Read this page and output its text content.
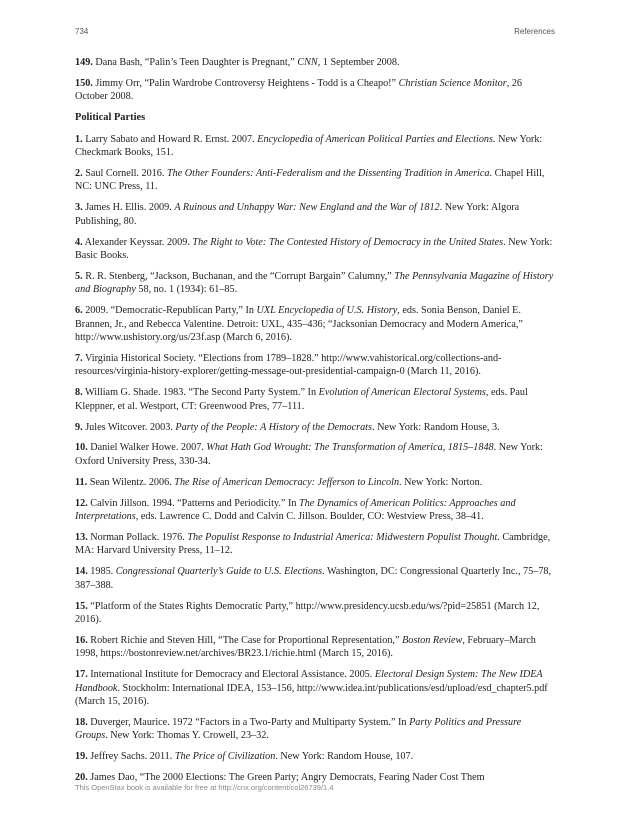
734	References

149. Dana Bash, “Palin’s Teen Daughter is Pregnant,” CNN, 1 September 2008.

150. Jimmy Orr, “Palin Wardrobe Controversy Heightens - Todd is a Cheapo!” Christian Science Monitor, 26 October 2008.

Political Parties

1. Larry Sabato and Howard R. Ernst. 2007. Encyclopedia of American Political Parties and Elections. New York: Checkmark Books, 151.

2. Saul Cornell. 2016. The Other Founders: Anti-Federalism and the Dissenting Tradition in America. Chapel Hill, NC: UNC Press, 11.

3. James H. Ellis. 2009. A Ruinous and Unhappy War: New England and the War of 1812. New York: Algora Publishing, 80.

4. Alexander Keyssar. 2009. The Right to Vote: The Contested History of Democracy in the United States. New York: Basic Books.

5. R. R. Stenberg, “Jackson, Buchanan, and the “Corrupt Bargain” Calumny,” The Pennsylvania Magazine of History and Biography 58, no. 1 (1934): 61–85.

6. 2009. “Democratic-Republican Party,” In UXL Encyclopedia of U.S. History, eds. Sonia Benson, Daniel E. Brannen, Jr., and Rebecca Valentine. Detroit: UXL, 435–436; “Jacksonian Democracy and Modern America,” http://www.ushistory.org/us/23f.asp (March 6, 2016).

7. Virginia Historical Society. “Elections from 1789–1828.” http://www.vahistorical.org/collections-and-resources/virginia-history-explorer/getting-message-out-presidential-campaign-0 (March 11, 2016).

8. William G. Shade. 1983. “The Second Party System.” In Evolution of American Electoral Systems, eds. Paul Kleppner, et al. Westport, CT: Greenwood Pres, 77–111.

9. Jules Witcover. 2003. Party of the People: A History of the Democrats. New York: Random House, 3.

10. Daniel Walker Howe. 2007. What Hath God Wrought: The Transformation of America, 1815–1848. New York: Oxford University Press, 330-34.

11. Sean Wilentz. 2006. The Rise of American Democracy: Jefferson to Lincoln. New York: Norton.

12. Calvin Jillson. 1994. “Patterns and Periodicity.” In The Dynamics of American Politics: Approaches and Interpretations, eds. Lawrence C. Dodd and Calvin C. Jillson. Boulder, CO: Westview Press, 38–41.

13. Norman Pollack. 1976. The Populist Response to Industrial America: Midwestern Populist Thought. Cambridge, MA: Harvard University Press, 11–12.

14. 1985. Congressional Quarterly’s Guide to U.S. Elections. Washington, DC: Congressional Quarterly Inc., 75–78, 387–388.

15. “Platform of the States Rights Democratic Party,” http://www.presidency.ucsb.edu/ws/?pid=25851 (March 12, 2016).

16. Robert Richie and Steven Hill, “The Case for Proportional Representation,” Boston Review, February–March 1998, https://bostonreview.net/archives/BR23.1/richie.html (March 15, 2016).

17. International Institute for Democracy and Electoral Assistance. 2005. Electoral Design System: The New IDEA Handbook. Stockholm: International IDEA, 153–156, http://www.idea.int/publications/esd/upload/esd_chapter5.pdf (March 15, 2016).

18. Duverger, Maurice. 1972 “Factors in a Two-Party and Multiparty System.” In Party Politics and Pressure Groups. New York: Thomas Y. Crowell, 23–32.

19. Jeffrey Sachs. 2011. The Price of Civilization. New York: Random House, 107.

20. James Dao, “The 2000 Elections: The Green Party; Angry Democrats, Fearing Nader Cost Them

This OpenStax book is available for free at http://cnx.org/content/col26739/1.4
